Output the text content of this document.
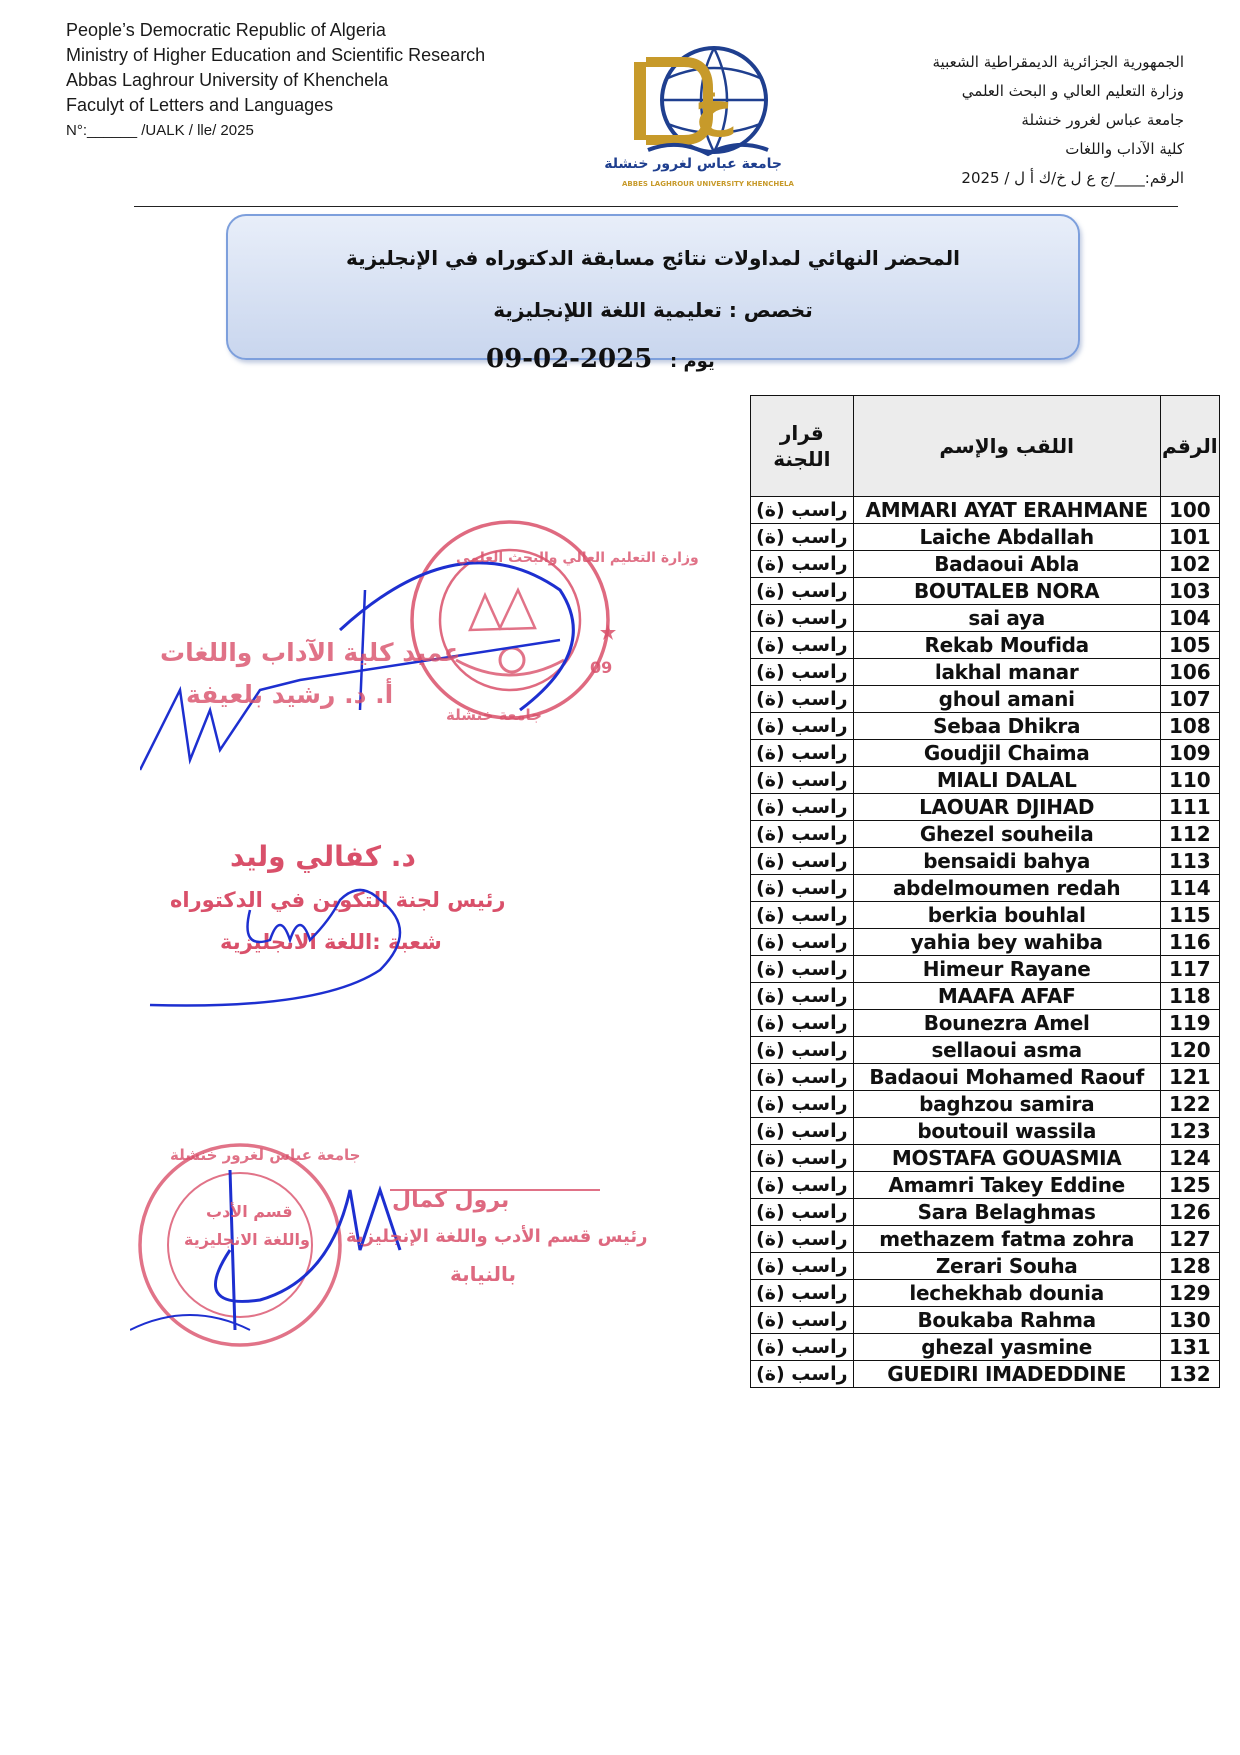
People’s Democratic Republic of Algeria
Ministry of Higher Education and Scientific Research
Abbas Laghrour University of Khenchela
Faculyt of Letters and Languages
N°:______ /UALK / lle/ 2025
الجمهورية الجزائرية الديمقراطية الشعبية
وزارة التعليم العالي و البحث العلمي
جامعة عباس لغرور خنشلة
كلية الآداب واللغات
الرقم:____/ج ع ل خ/ك أ ل / 2025
خ
جامعة عباس لغرور خنشلة
ABBES LAGHROUR UNIVERSITY KHENCHELA
المحضر النهائي لمداولات نتائج مسابقة الدكتوراه في الإنجليزية
تخصص : تعليمية اللغة اللإنجليزية
يوم : 2025-02-09
قرار اللجنة	اللقب والإسم	الرقم
راسب (ة)	AMMARI AYAT ERAHMANE	100
راسب (ة)	Laiche Abdallah	101
راسب (ة)	Badaoui Abla	102
راسب (ة)	BOUTALEB NORA	103
راسب (ة)	sai aya	104
راسب (ة)	Rekab Moufida	105
راسب (ة)	lakhal manar	106
راسب (ة)	ghoul amani	107
راسب (ة)	Sebaa Dhikra	108
راسب (ة)	Goudjil Chaima	109
راسب (ة)	MIALI DALAL	110
راسب (ة)	LAOUAR DJIHAD	111
راسب (ة)	Ghezel souheila	112
راسب (ة)	bensaidi bahya	113
راسب (ة)	abdelmoumen redah	114
راسب (ة)	berkia bouhlal	115
راسب (ة)	yahia bey wahiba	116
راسب (ة)	Himeur Rayane	117
راسب (ة)	MAAFA AFAF	118
راسب (ة)	Bounezra Amel	119
راسب (ة)	sellaoui asma	120
راسب (ة)	Badaoui Mohamed Raouf	121
راسب (ة)	baghzou samira	122
راسب (ة)	boutouil wassila	123
راسب (ة)	MOSTAFA GOUASMIA	124
راسب (ة)	Amamri Takey Eddine	125
راسب (ة)	Sara Belaghmas	126
راسب (ة)	methazem fatma zohra	127
راسب (ة)	Zerari Souha	128
راسب (ة)	lechekhab dounia	129
راسب (ة)	Boukaba Rahma	130
راسب (ة)	ghezal yasmine	131
راسب (ة)	GUEDIRI IMADEDDINE	132
عميد كلية الآداب واللغات
أ. د. رشيد بلعيفة
وزارة التعليم العالي والبحث العلمي
09
جامعة خنشلة
د. كفالي وليد
رئيس لجنة التكوين في الدكتوراه
شعبة :اللغة الانجليزية
جامعة عباس لغرور خنشلة
قسم الأدب
واللغة الانجليزية
برول كمال
رئيس قسم الأدب واللغة الإنجليزية
بالنيابة
